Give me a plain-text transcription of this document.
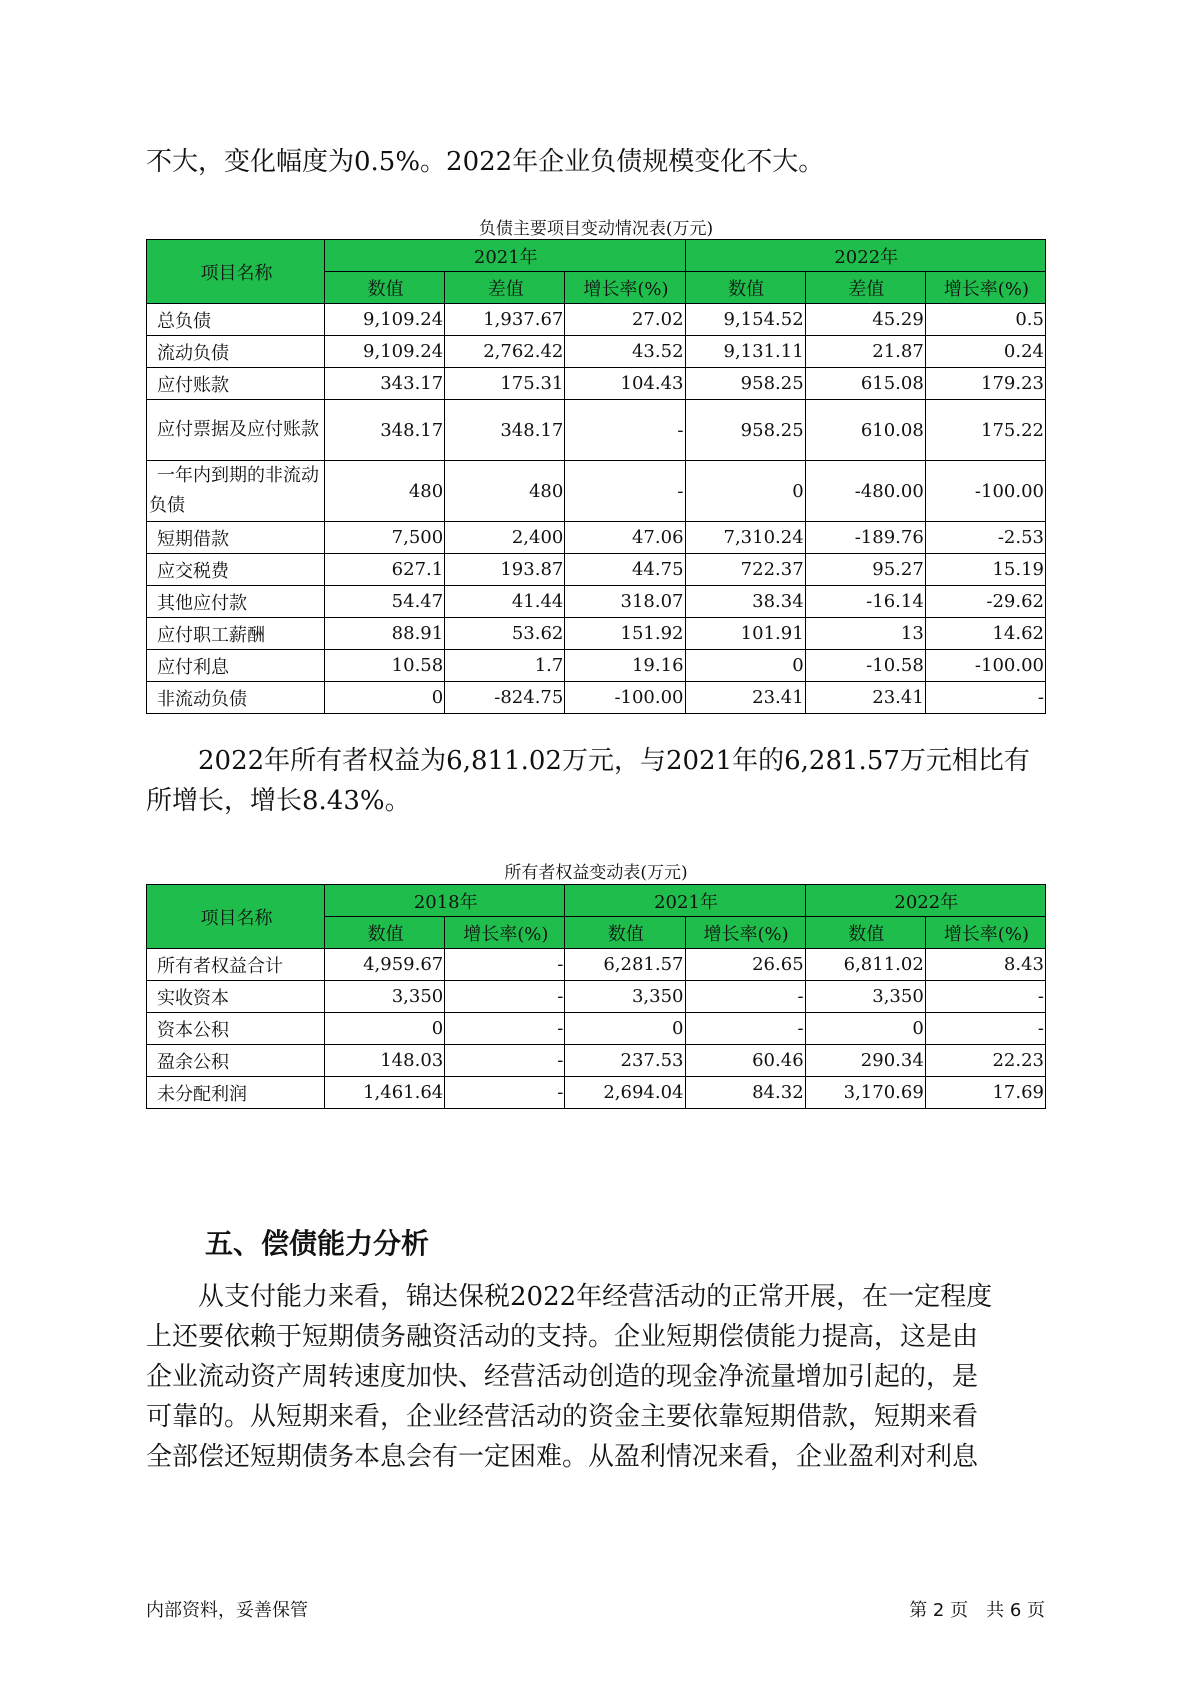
不大，变化幅度为0.5%。2022年企业负债规模变化不大。

负债主要项目变动情况表(万元)
项目名称	2021年			2022年		
	数值	差值	增长率(%)	数值	差值	增长率(%)
总负债	9,109.24	1,937.67	27.02	9,154.52	45.29	0.5
流动负债	9,109.24	2,762.42	43.52	9,131.11	21.87	0.24
应付账款	343.17	175.31	104.43	958.25	615.08	179.23
应付票据及应付账款	348.17	348.17	-	958.25	610.08	175.22
一年内到期的非流动负债	480	480	-	0	-480.00	-100.00
短期借款	7,500	2,400	47.06	7,310.24	-189.76	-2.53
应交税费	627.1	193.87	44.75	722.37	95.27	15.19
其他应付款	54.47	41.44	318.07	38.34	-16.14	-29.62
应付职工薪酬	88.91	53.62	151.92	101.91	13	14.62
应付利息	10.58	1.7	19.16	0	-10.58	-100.00
非流动负债	0	-824.75	-100.00	23.41	23.41	-

2022年所有者权益为6,811.02万元，与2021年的6,281.57万元相比有
所增长，增长8.43%。

所有者权益变动表(万元)
项目名称	2018年		2021年		2022年	
	数值	增长率(%)	数值	增长率(%)	数值	增长率(%)
所有者权益合计	4,959.67	-	6,281.57	26.65	6,811.02	8.43
实收资本	3,350	-	3,350	-	3,350	-
资本公积	0	-	0	-	0	-
盈余公积	148.03	-	237.53	60.46	290.34	22.23
未分配利润	1,461.64	-	2,694.04	84.32	3,170.69	17.69
五、偿债能力分析

　　从支付能力来看，锦达保税2022年经营活动的正常开展，在一定程度
上还要依赖于短期债务融资活动的支持。企业短期偿债能力提高，这是由
企业流动资产周转速度加快、经营活动创造的现金净流量增加引起的，是
可靠的。从短期来看，企业经营活动的资金主要依靠短期借款，短期来看
全部偿还短期债务本息会有一定困难。从盈利情况来看，企业盈利对利息

内部资料，妥善保管	第 2 页　共 6 页
